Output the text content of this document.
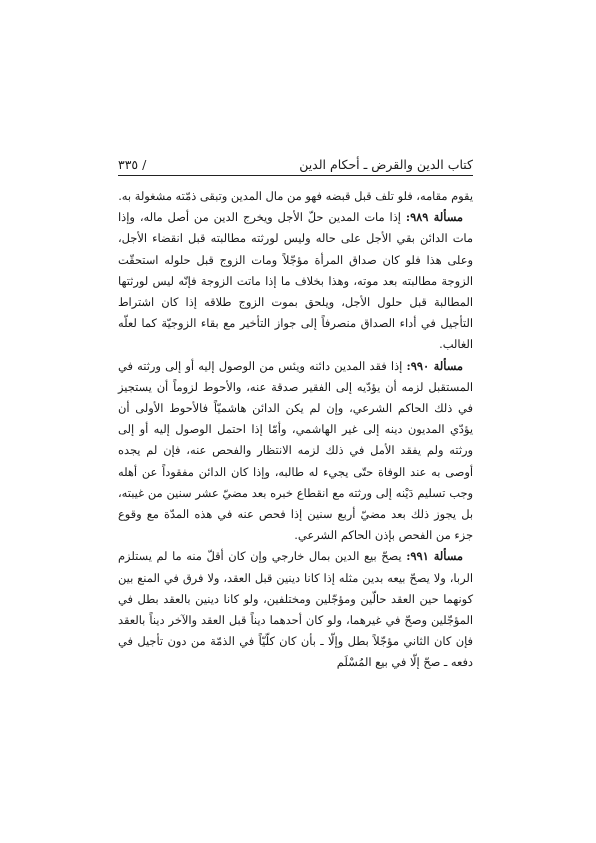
كتاب الدين والقرض ـ أحكام الدين
/ ٣٣٥

يقوم مقامه، فلو تلف قبل قبضه فهو من مال المدين وتبقى ذمّته مشغولة به.

مسألة ٩٨٩: إذا مات المدين حلّ الأجل ويخرج الدين من أصل ماله، وإذا مات الدائن بقي الأجل على حاله وليس لورثته مطالبته قبل انقضاء الأجل، وعلى هذا فلو كان صداق المرأة مؤجّلاً ومات الزوج قبل حلوله استحقّت الزوجة مطالبته بعد موته، وهذا بخلاف ما إذا ماتت الزوجة فإنّه ليس لورثتها المطالبة قبل حلول الأجل، ويلحق بموت الزوج طلاقه إذا كان اشتراط التأجيل في أداء الصداق منصرفاً إلى جواز التأخير مع بقاء الزوجيّة كما لعلّه الغالب.

مسألة ٩٩٠: إذا فقد المدين دائنه ويئس من الوصول إليه أو إلى ورثته في المستقبل لزمه أن يؤدّيه إلى الفقير صدقة عنه، والأحوط لزوماً أن يستجيز في ذلك الحاكم الشرعي، وإن لم يكن الدائن هاشميّاً فالأحوط الأولى أن يؤدّي المديون دينه إلى غير الهاشمي، وأمّا إذا احتمل الوصول إليه أو إلى ورثته ولم يفقد الأمل في ذلك لزمه الانتظار والفحص عنه، فإن لم يجده أوصى به عند الوفاة حتّى يجيء له طالبه، وإذا كان الدائن مفقوداً عن أهله وجب تسليم دَيْنه إلى ورثته مع انقطاع خبره بعد مضيّ عشر سنين من غيبته، بل يجوز ذلك بعد مضيّ أربع سنين إذا فحص عنه في هذه المدّة مع وقوع جزء من الفحص بإذن الحاكم الشرعي.

مسألة ٩٩١: يصحّ بيع الدين بمال خارجي وإن كان أقلّ منه ما لم يستلزم الربا، ولا يصحّ بيعه بدين مثله إذا كانا دينين قبل العقد، ولا فرق في المنع بين كونهما حين العقد حالّين ومؤجّلين ومختلفين، ولو كانا دينين بالعقد بطل في المؤجّلين وصحّ في غيرهما، ولو كان أحدهما ديناً قبل العقد والآخر ديناً بالعقد فإن كان الثاني مؤجّلاً بطل وإلّا ـ بأن كان كلّيّاً في الذمّة من دون تأجيل في دفعه ـ صحّ إلّا في بيع المُسْلَم
